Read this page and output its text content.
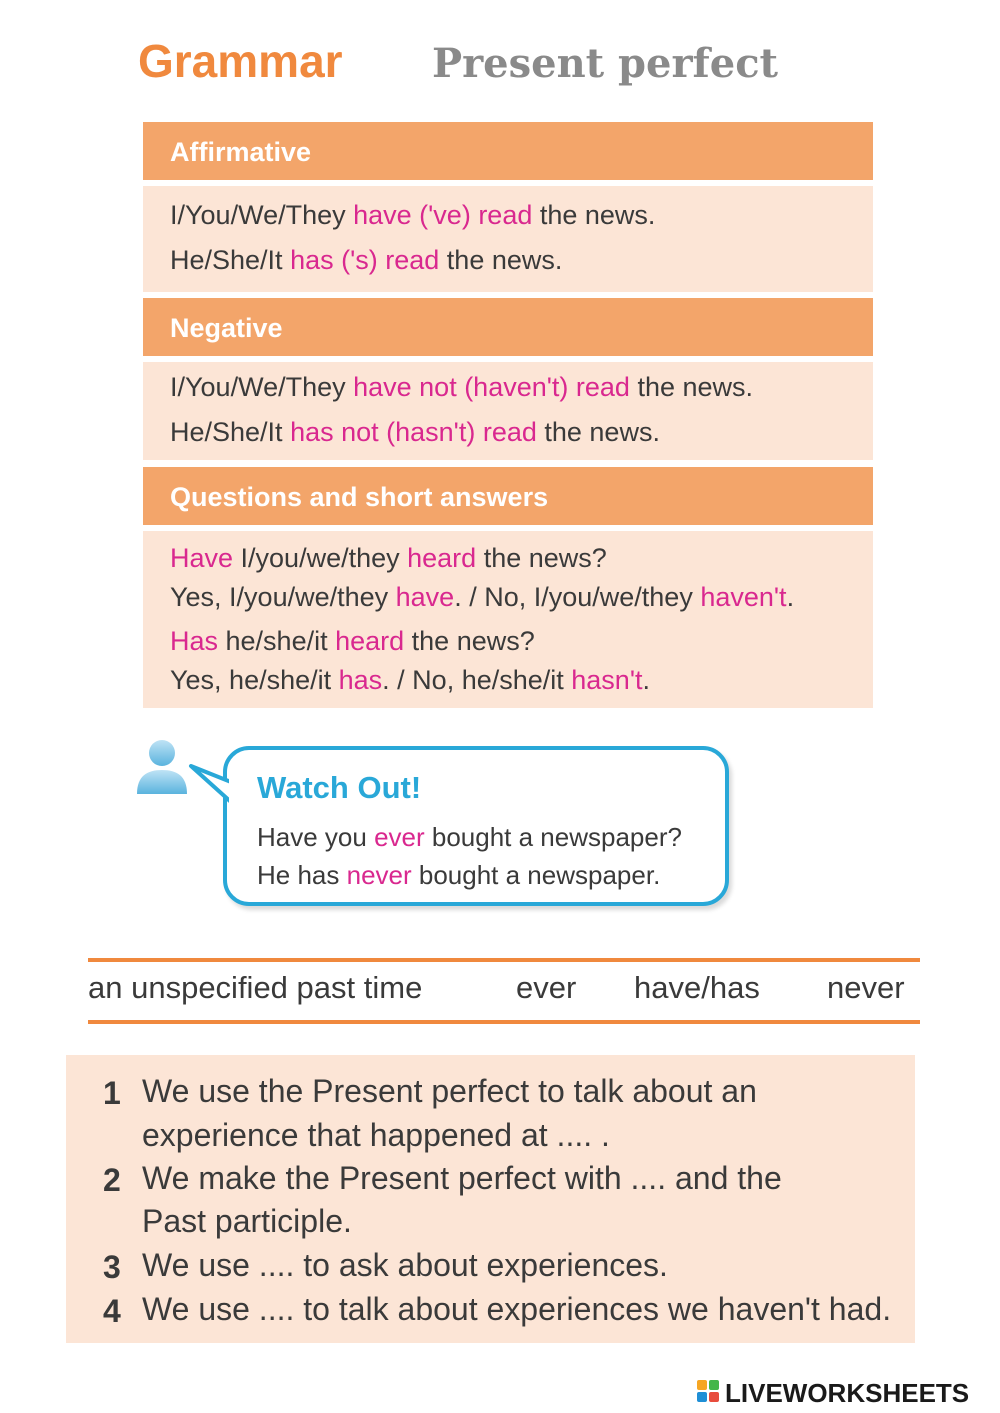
Grammar Present perfect
Affirmative
I/You/We/They have ('ve) read the news.
He/She/It has ('s) read the news.
Negative
I/You/We/They have not (haven't) read the news.
He/She/It has not (hasn't) read the news.
Questions and short answers
Have I/you/we/they heard the news?
Yes, I/you/we/they have. / No, I/you/we/they haven't.
Has he/she/it heard the news?
Yes, he/she/it has. / No, he/she/it hasn't.
Watch Out!
Have you ever bought a newspaper?
He has never bought a newspaper.
an unspecified past time	ever have/has never
1 We use the Present perfect to talk about an
experience that happened at .... .
2 We make the Present perfect with .... and the
Past participle.
3 We use .... to ask about experiences.
4 We use .... to talk about experiences we haven't had.
LIVEWORKSHEETS
